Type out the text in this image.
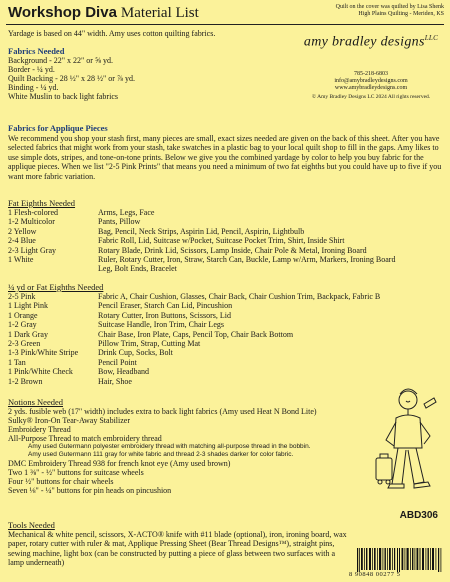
Workshop Diva Material List	Quilt on the cover was quilted by Lisa Shenk
High Plains Quilting - Meriden, KS
amy bradley designs$^{LLC}$
785-218-6803
info@amybradleydesigns.com
www.amybradleydesigns.com
© Amy Bradley Designs LC 2024 All rights reserved.
Yardage is based on 44" width. Amy uses cotton quilting fabrics.
Fabrics Needed
Background - 22" x 22" or ⅝ yd.
Border - ¼ yd.
Quilt Backing - 28 ½" x 28 ½" or ⅞ yd.
Binding - ¼ yd.
White Muslin to back light fabrics
Fabrics for Applique Pieces
We recommend you shop your stash first, many pieces are small, exact sizes needed are given on the back of this sheet. After you have selected fabrics that might work from your stash, take swatches in a plastic bag to your local quilt shop to fill in the gaps. Amy likes to use simple dots, stripes, and tone-on-tone prints. Below we give you the combined yardage by color to help you buy fabric for the applique pieces. When we list "2-5 Pink Prints" that means you need a minimum of two fat eighths but you could have up to five if you want more fabric variation.
Fat Eighths Needed
1 Flesh-colored	Arms, Legs, Face
1-2 Multicolor	Pants, Pillow
2 Yellow	Bag, Pencil, Neck Strips, Aspirin Lid, Pencil, Aspirin, Lightbulb
2-4 Blue	Fabric Roll, Lid, Suitcase w/Pocket, Suitcase Pocket Trim, Shirt, Inside Shirt
2-3 Light Gray	Rotary Blade, Drink Lid, Scissors, Lamp Inside, Chair Pole & Metal, Ironing Board
1 White	Ruler, Rotary Cutter, Iron, Straw, Starch Can, Buckle, Lamp w/Arm, Markers, Ironing Board
	Leg, Bolt Ends, Bracelet
¼ yd or Fat Eighths Needed
2-5 Pink	Fabric A, Chair Cushion, Glasses, Chair Back, Chair Cushion Trim, Backpack, Fabric B
1 Light Pink	Pencil Eraser, Starch Can Lid, Pincushion
1 Orange	Rotary Cutter, Iron Buttons, Scissors, Lid
1-2 Gray	Suitcase Handle, Iron Trim, Chair Legs
1 Dark Gray	Chair Base, Iron Plate, Caps, Pencil Top, Chair Back Bottom
2-3 Green	Pillow Trim, Strap, Cutting Mat
1-3 Pink/White Stripe	Drink Cup, Socks, Bolt
1 Tan	Pencil Point
1 Pink/White Check	Bow, Headband
1-2 Brown	Hair, Shoe
Notions Needed
2 yds. fusible web (17" width) includes extra to back light fabrics (Amy used Heat N Bond Lite)
Sulky® Iron-On Tear-Away Stabilizer
Embroidery Thread
All-Purpose Thread to match embroidery thread
Amy used Gutermann polyester embroidery thread with matching all-purpose thread in the bobbin.
Amy used Gutermann 111 gray for white fabric and thread 2-3 shades darker for color fabric.
DMC Embroidery Thread 938 for french knot eye (Amy used brown)
Two 1 ⅜" - ½" buttons for suitcase wheels
Four ½" buttons for chair wheels
Seven ⅛" - ¼" buttons for pin heads on pincushion
Tools Needed
Mechanical & white pencil, scissors, X-ACTO® knife with #11 blade (optional), iron, ironing board, wax paper, rotary cutter with ruler & mat, Applique Pressing Sheet (Bear Thread Designs™), straight pins, sewing machine, light box (can be constructed by putting a piece of glass between two surfaces with a lamp underneath)
ABD306
8 90848 00277 5
